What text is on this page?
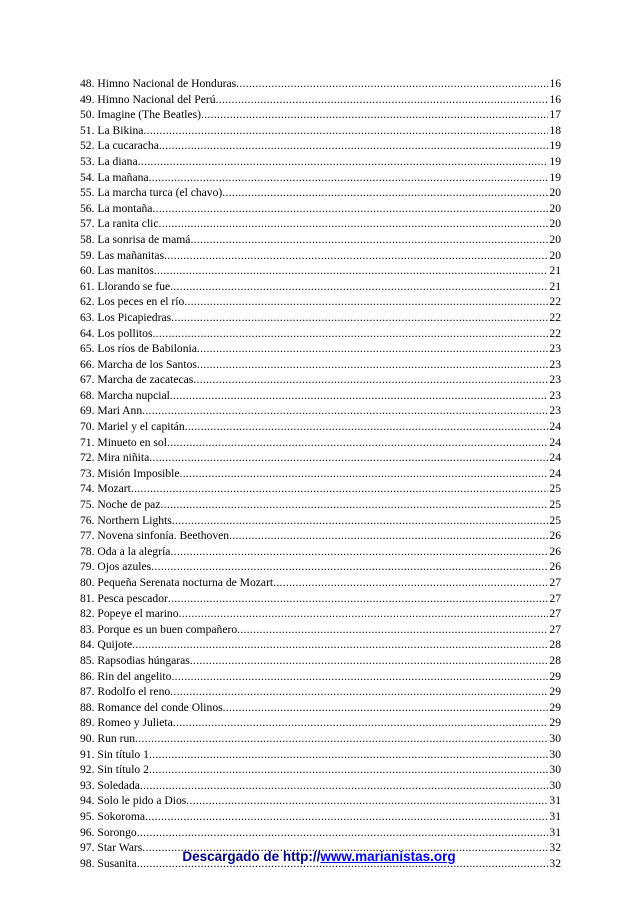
48. Himno Nacional de Honduras .....	16
49. Himno Nacional del Perú .....	16
50. Imagine (The Beatles) .....	17
51. La Bikina .....	18
52. La cucaracha .....	19
53. La diana .....	19
54. La mañana .....	19
55. La marcha turca (el chavo) .....	20
56. La montaña .....	20
57. La ranita clic .....	20
58. La sonrisa de mamá .....	20
59. Las mañanitas .....	20
60. Las manitos .....	21
61. Llorando se fue .....	21
62. Los peces en el río .....	22
63. Los Picapiedras .....	22
64. Los pollitos .....	22
65. Los ríos de Babilonia .....	23
66. Marcha de los Santos .....	23
67. Marcha de zacatecas .....	23
68. Marcha nupcial .....	23
69. Mari Ann .....	23
70. Mariel y el capitán .....	24
71. Minueto en sol .....	24
72. Mira niñita .....	24
73. Misión Imposible .....	24
74. Mozart .....	25
75. Noche de paz .....	25
76. Northern Lights .....	25
77. Novena sinfonía. Beethoven .....	26
78. Oda a la alegría .....	26
79. Ojos azules .....	26
80. Pequeña Serenata nocturna de Mozart .....	27
81. Pesca pescador .....	27
82. Popeye el marino .....	27
83. Porque es un buen compañero .....	27
84. Quijote .....	28
85. Rapsodias húngaras .....	28
86. Rin del angelito .....	29
87. Rodolfo el reno .....	29
88. Romance del conde Olinos .....	29
89. Romeo y Julieta .....	29
90. Run run .....	30
91. Sin título 1 .....	30
92. Sin título 2 .....	30
93. Soledada .....	30
94. Solo le pido a Dios .....	31
95. Sokoroma .....	31
96. Sorongo .....	31
97. Star Wars .....	32
98. Susanita .....	32
Descargado de http://www.marianistas.org
